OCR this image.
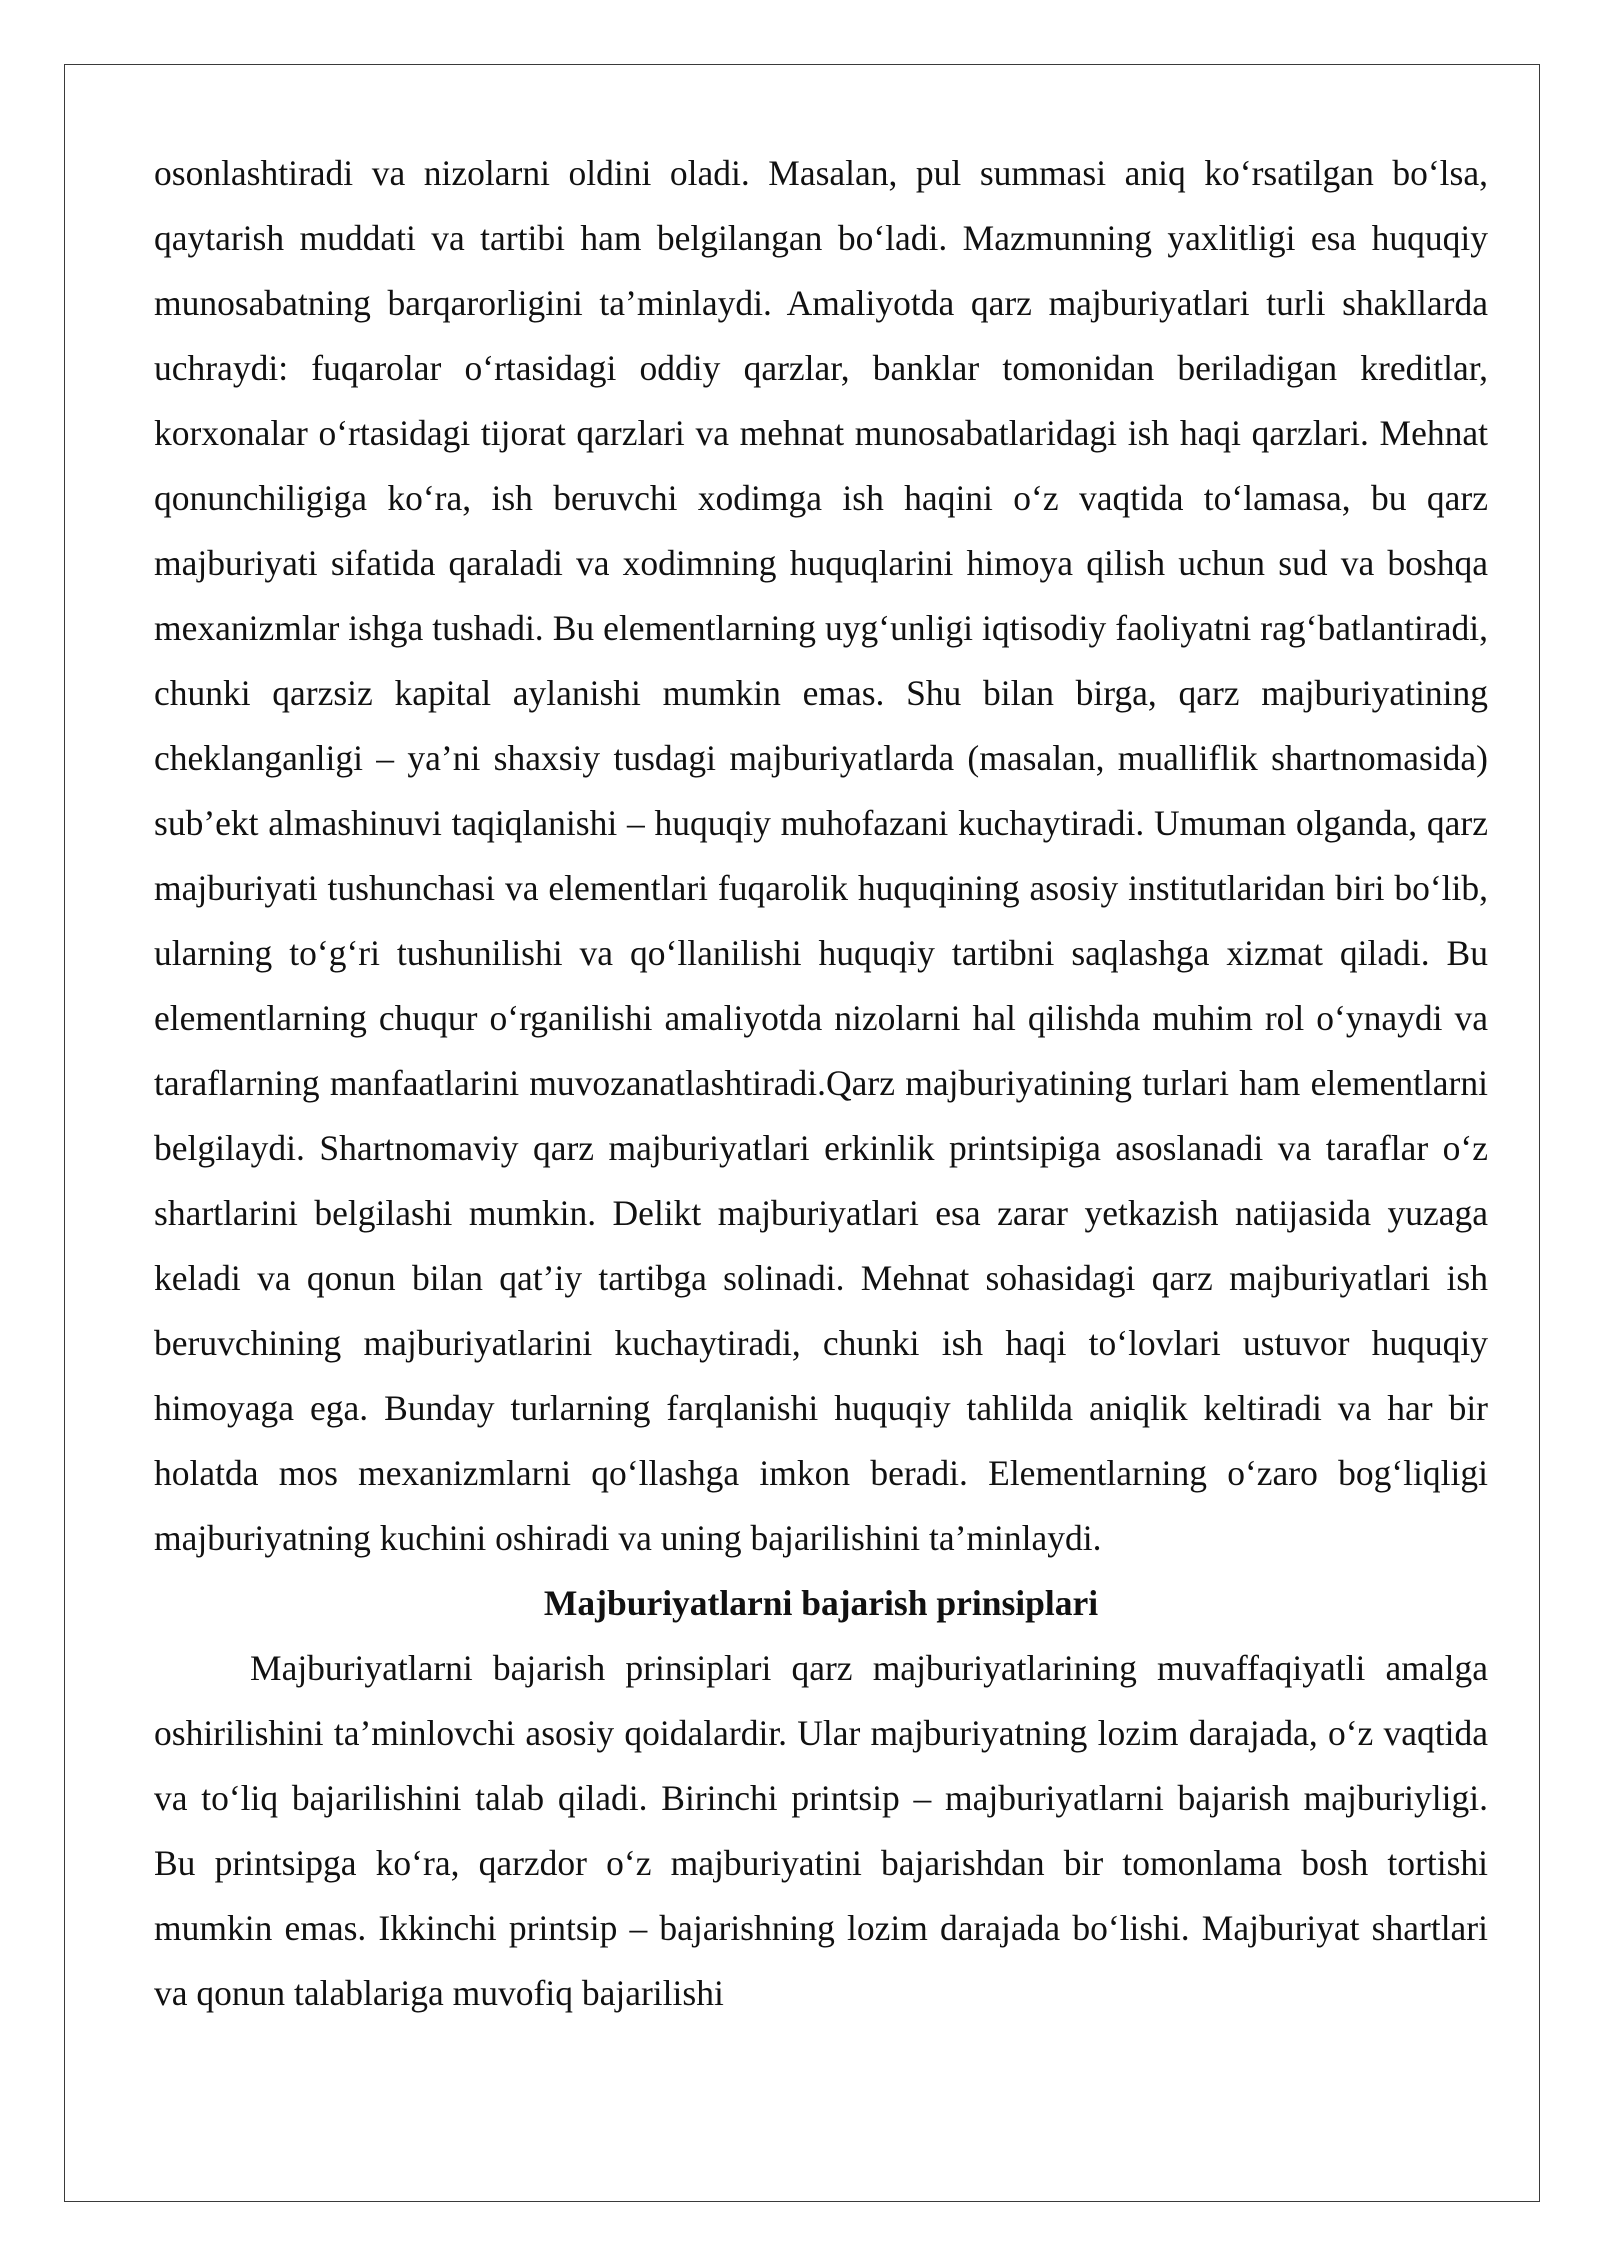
osonlashtiradi va nizolarni oldini oladi. Masalan, pul summasi aniq ko‘rsatilgan bo‘lsa, qaytarish muddati va tartibi ham belgilangan bo‘ladi. Mazmunning yaxlitligi esa huquqiy munosabatning barqarorligini ta’minlaydi. Amaliyotda qarz majburiyatlari turli shakllarda uchraydi: fuqarolar o‘rtasidagi oddiy qarzlar, banklar tomonidan beriladigan kreditlar, korxonalar o‘rtasidagi tijorat qarzlari va mehnat munosabatlaridagi ish haqi qarzlari. Mehnat qonunchiligiga ko‘ra, ish beruvchi xodimga ish haqini o‘z vaqtida to‘lamasa, bu qarz majburiyati sifatida qaraladi va xodimning huquqlarini himoya qilish uchun sud va boshqa mexanizmlar ishga tushadi. Bu elementlarning uyg‘unligi iqtisodiy faoliyatni rag‘batlantiradi, chunki qarzsiz kapital aylanishi mumkin emas. Shu bilan birga, qarz majburiyatining cheklanganligi – ya’ni shaxsiy tusdagi majburiyatlarda (masalan, mualliflik shartnomasida) sub’ekt almashinuvi taqiqlanishi – huquqiy muhofazani kuchaytiradi. Umuman olganda, qarz majburiyati tushunchasi va elementlari fuqarolik huquqining asosiy institutlaridan biri bo‘lib, ularning to‘g‘ri tushunilishi va qo‘llanilishi huquqiy tartibni saqlashga xizmat qiladi. Bu elementlarning chuqur o‘rganilishi amaliyotda nizolarni hal qilishda muhim rol o‘ynaydi va taraflarning manfaatlarini muvozanatlashtiradi.Qarz majburiyatining turlari ham elementlarni belgilaydi. Shartnomaviy qarz majburiyatlari erkinlik printsipiga asoslanadi va taraflar o‘z shartlarini belgilashi mumkin. Delikt majburiyatlari esa zarar yetkazish natijasida yuzaga keladi va qonun bilan qat’iy tartibga solinadi. Mehnat sohasidagi qarz majburiyatlari ish beruvchining majburiyatlarini kuchaytiradi, chunki ish haqi to‘lovlari ustuvor huquqiy himoyaga ega. Bunday turlarning farqlanishi huquqiy tahlilda aniqlik keltiradi va har bir holatda mos mexanizmlarni qo‘llashga imkon beradi. Elementlarning o‘zaro bog‘liqligi majburiyatning kuchini oshiradi va uning bajarilishini ta’minlaydi.

Majburiyatlarni bajarish prinsiplari

Majburiyatlarni bajarish prinsiplari qarz majburiyatlarining muvaffaqiyatli amalga oshirilishini ta’minlovchi asosiy qoidalardir. Ular majburiyatning lozim darajada, o‘z vaqtida va to‘liq bajarilishini talab qiladi. Birinchi printsip – majburiyatlarni bajarish majburiyligi. Bu printsipga ko‘ra, qarzdor o‘z majburiyatini bajarishdan bir tomonlama bosh tortishi mumkin emas. Ikkinchi printsip – bajarishning lozim darajada bo‘lishi. Majburiyat shartlari va qonun talablariga muvofiq bajarilishi
